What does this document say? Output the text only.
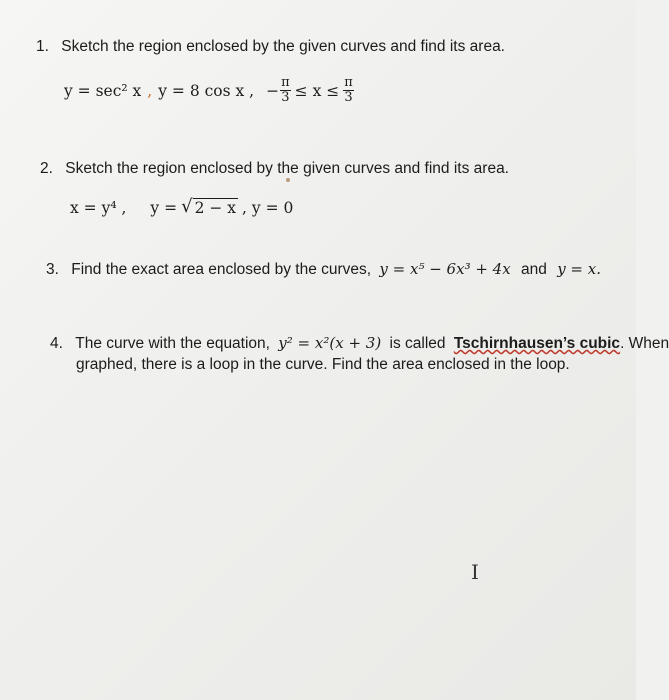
1. Sketch the region enclosed by the given curves and find its area.
y = sec² x , y = 8 cos x , − $\frac{\pi}{3} \le x \le \frac{\pi}{3}$
2. Sketch the region enclosed by the given curves and find its area.
x = y⁴ , y = √ 2 − x , y = 0
3. Find the exact area enclosed by the curves, y = x⁵ − 6x³ + 4x and y = x.
4. The curve with the equation, y² = x²(x + 3) is called Tschirnhausen’s cubic. When
graphed, there is a loop in the curve. Find the area enclosed in the loop.
I
